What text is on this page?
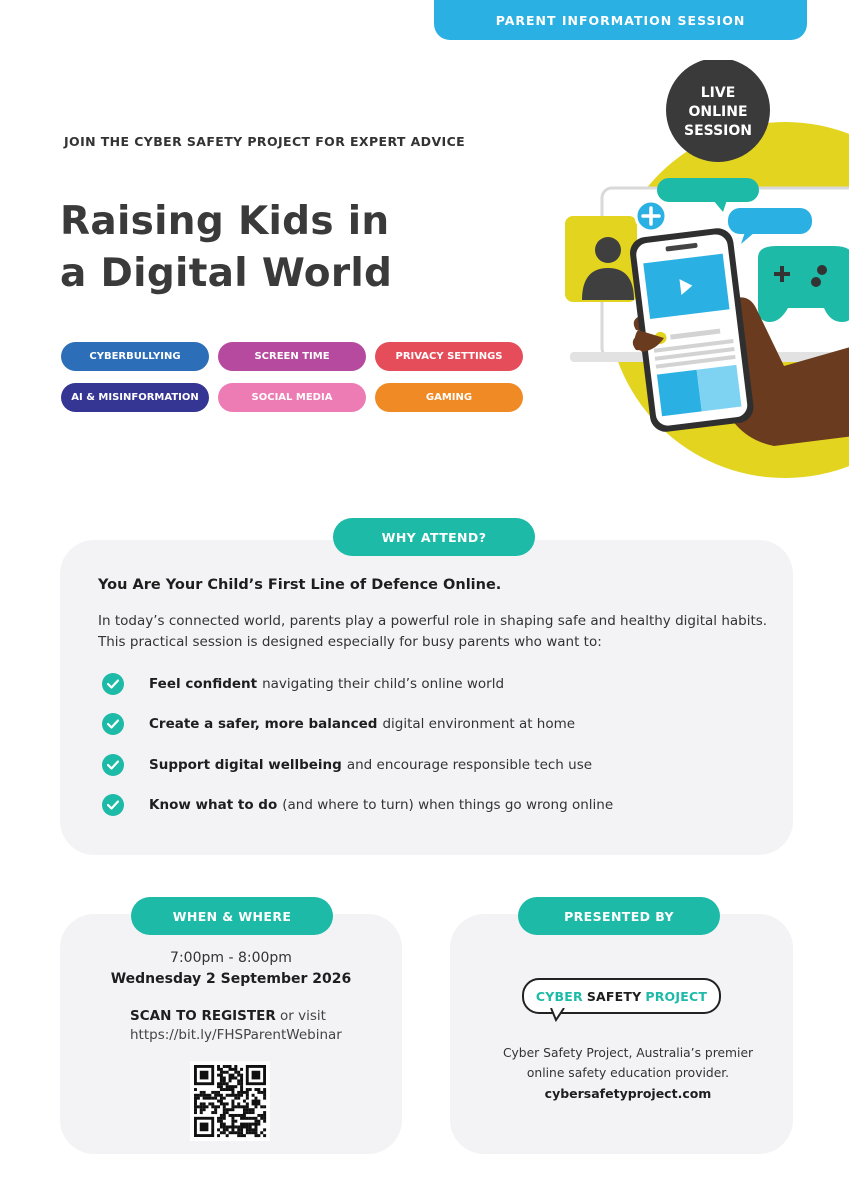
PARENT INFORMATION SESSION
JOIN THE CYBER SAFETY PROJECT FOR EXPERT ADVICE
Raising Kids in
a Digital World
CYBERBULLYING	SCREEN TIME	PRIVACY SETTINGS
AI & MISINFORMATION	SOCIAL MEDIA	GAMING
LIVE
ONLINE
SESSION
WHY ATTEND?
You Are Your Child’s First Line of Defence Online.
In today’s connected world, parents play a powerful role in shaping safe and healthy digital habits. This practical session is designed especially for busy parents who want to:
Feel confident navigating their child’s online world
Create a safer, more balanced digital environment at home
Support digital wellbeing and encourage responsible tech use
Know what to do (and where to turn) when things go wrong online
WHEN & WHERE
7:00pm - 8:00pm
Wednesday 2 September 2026
SCAN TO REGISTER or visit
https://bit.ly/FHSParentWebinar
PRESENTED BY
CYBER SAFETY PROJECT
Cyber Safety Project, Australia’s premier
online safety education provider.
cybersafetyproject.com
